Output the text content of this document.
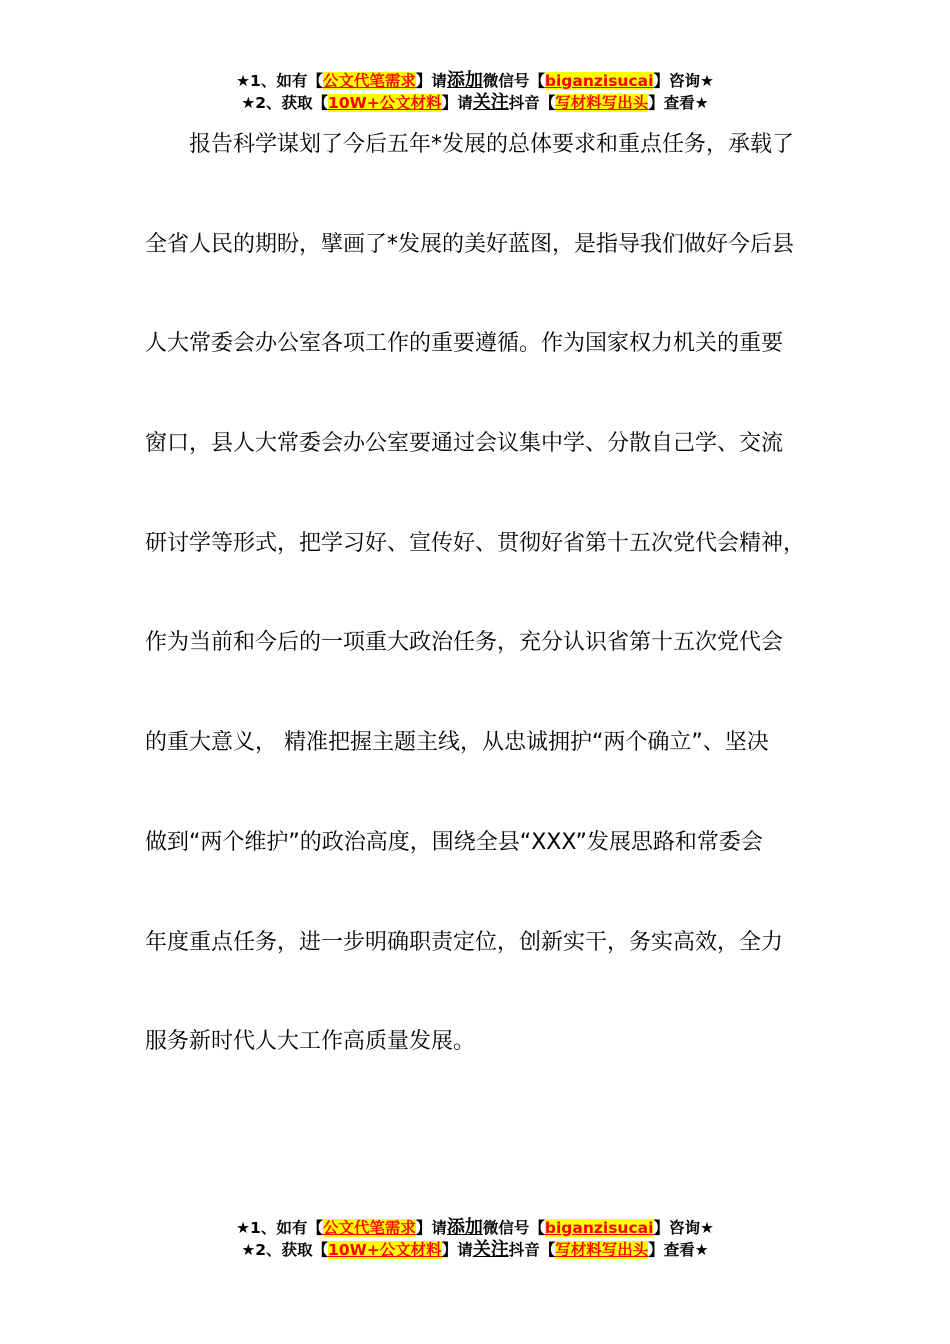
★1、如有【公文代笔需求】请添加微信号【biganzisucai】咨询★
★2、获取【10W+公文材料】请关注抖音【写材料写出头】查看★
报告科学谋划了今后五年*发展的总体要求和重点任务，承载了
全省人民的期盼，擘画了*发展的美好蓝图，是指导我们做好今后县
人大常委会办公室各项工作的重要遵循。作为国家权力机关的重要
窗口，县人大常委会办公室要通过会议集中学、分散自己学、交流
研讨学等形式，把学习好、宣传好、贯彻好省第十五次党代会精神，
作为当前和今后的一项重大政治任务，充分认识省第十五次党代会
的重大意义， 精准把握主题主线，从忠诚拥护“两个确立”、坚决
做到“两个维护”的政治高度，围绕全县“XXX”发展思路和常委会
年度重点任务，进一步明确职责定位，创新实干，务实高效，全力
服务新时代人大工作高质量发展。
★1、如有【公文代笔需求】请添加微信号【biganzisucai】咨询★
★2、获取【10W+公文材料】请关注抖音【写材料写出头】查看★
